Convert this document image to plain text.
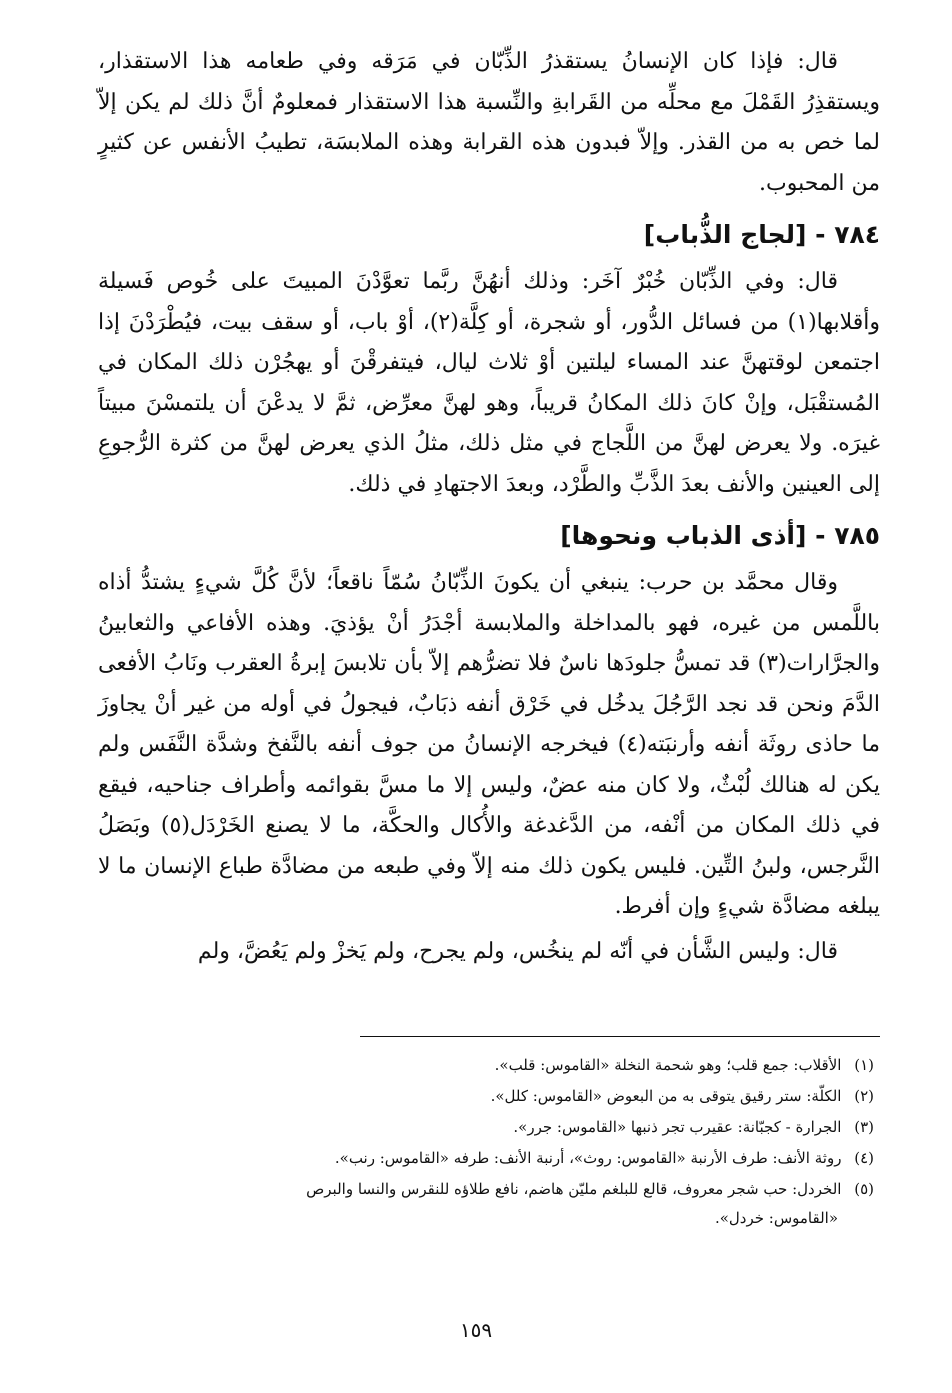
قال: فإذا كان الإنسانُ يستقذرُ الذِّبّان في مَرَقه وفي طعامه هذا الاستقذار، ويستقذِرُ القَمْلَ مع محلِّه من القَرابةِ والنِّسبة هذا الاستقذار فمعلومٌ أنَّ ذلك لم يكن إلاّ لما خص به من القذر. وإلاّ فبدون هذه القرابة وهذه الملابسَة، تطيبُ الأنفس عن كثيرٍ من المحبوب.

٧٨٤ - [لجاج الذُّباب]

قال: وفي الذِّبّان خُبْرٌ آخَر: وذلك أنهُنَّ ربَّما تعوَّدْنَ المبيتَ على خُوص فَسيلة وأقلابها(١) من فسائل الدُّور، أو شجرة، أو كِلَّة(٢)، أوْ باب، أو سقف بيت، فيُطْرَدْنَ إذا اجتمعن لوقتهنَّ عند المساء ليلتين أوْ ثلاث ليال، فيتفرقْنَ أو يهجُرْن ذلك المكان في المُستقْبَل، وإنْ كانَ ذلك المكانُ قريباً، وهو لهنَّ معرِّض، ثمَّ لا يدعْنَ أن يلتمسْنَ مبيتاً غيرَه. ولا يعرض لهنَّ من اللَّجاج في مثل ذلك، مثلُ الذي يعرض لهنَّ من كثرة الرُّجوعِ إلى العينين والأنف بعدَ الذَّبِّ والطَّرْد، وبعدَ الاجتهادِ في ذلك.

٧٨٥ - [أذى الذباب ونحوها]

وقال محمَّد بن حرب: ينبغي أن يكونَ الذِّبّانُ سُمّاً ناقعاً؛ لأنَّ كُلَّ شيءٍ يشتدُّ أذاه باللَّمس من غيره، فهو بالمداخلة والملابسة أجْدَرُ أنْ يؤذيَ. وهذه الأفاعي والثعابينُ والجرَّارات(٣) قد تمسُّ جلودَها ناسٌ فلا تضرُّهم إلاّ بأن تلابسَ إبرةُ العقرب ونَابُ الأفعى الدَّمَ ونحن قد نجد الرَّجُلَ يدخُل في خَرْق أنفه ذبَابٌ، فيجولُ في أوله من غير أنْ يجاوزَ ما حاذى روثَة أنفه وأرنبَته(٤) فيخرجه الإنسانُ من جوف أنفه بالنَّفخ وشدَّة النَّفَس ولم يكن له هنالك لُبْثٌ، ولا كان منه عضٌ، وليس إلا ما مسَّ بقوائمه وأطراف جناحيه، فيقع في ذلك المكان من أنْفه، من الدَّغدغة والأُكال والحكَّة، ما لا يصنع الخَرْدَل(٥) وبَصَلُ النَّرجس، ولبنُ التِّين. فليس يكون ذلك منه إلاّ وفي طبعه من مضادَّة طباع الإنسان ما لا يبلغه مضادَّة شيءٍ وإن أفرط.

قال: وليس الشَّأن في أنّه لم ينخُس، ولم يجرح، ولم يَخزْ ولم يَعُضَّ، ولم

(١) الأقلاب: جمع قلب؛ وهو شحمة النخلة «القاموس: قلب».

(٢) الكلّة: ستر رقيق يتوقى به من البعوض «القاموس: كلل».

(٣) الجرارة - كجبّانة: عقيرب تجر ذنبها «القاموس: جرر».

(٤) روثة الأنف: طرف الأرنبة «القاموس: روث»، أرنبة الأنف: طرفه «القاموس: رنب».

(٥) الخردل: حب شجر معروف، قالع للبلغم مليّن هاضم، نافع طلاؤه للنقرس والنسا والبرص
«القاموس: خردل».

١٥٩
